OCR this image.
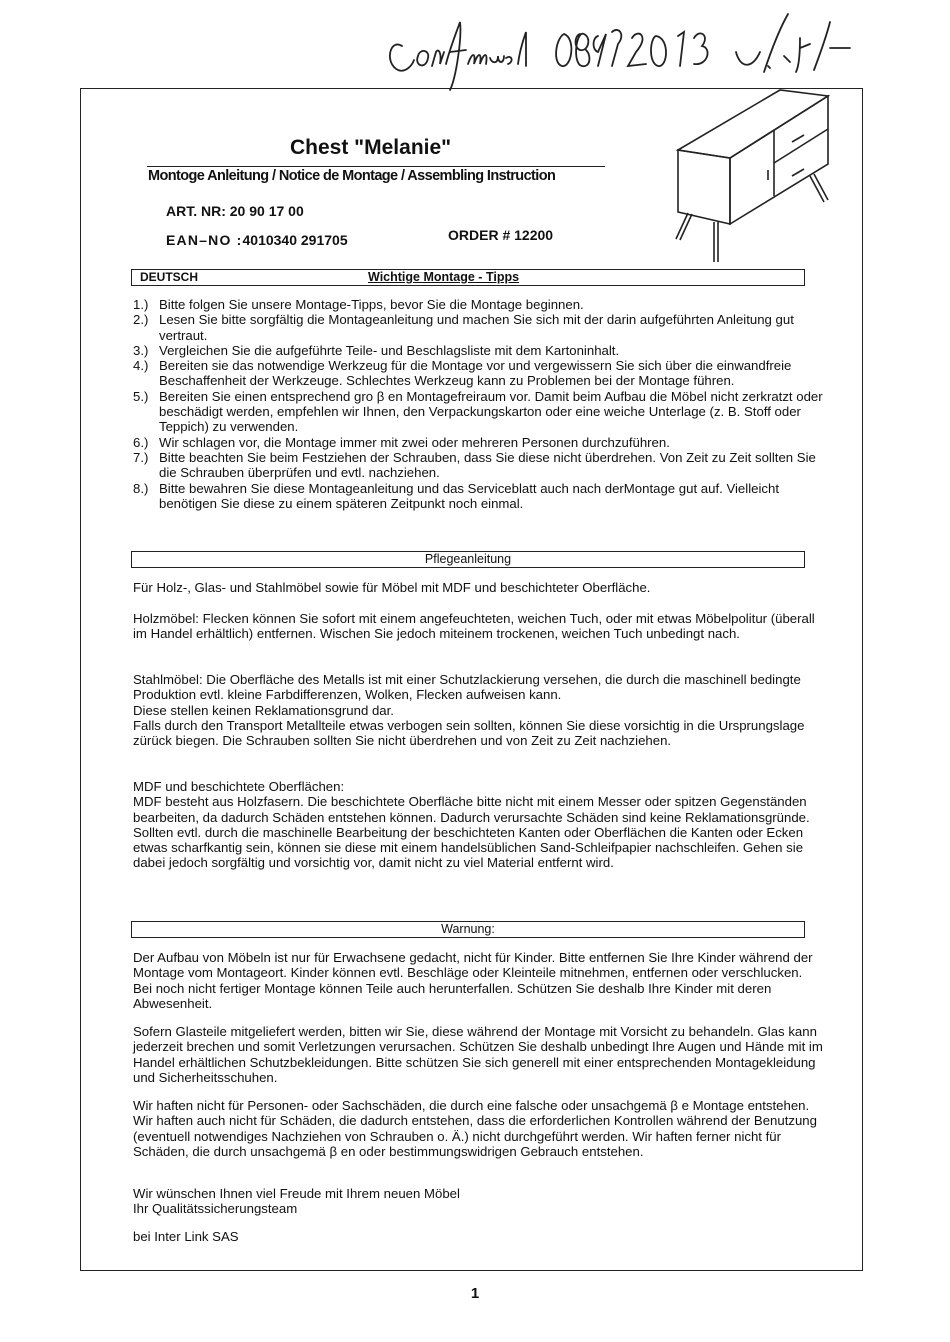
Chest "Melanie"
Montoge Anleitung / Notice de Montage / Assembling Instruction
ART. NR: 20 90 17 00
EAN–NO :4010340 291705	ORDER # 12200
DEUTSCH	Wichtige Montage - Tipps
1.) Bitte folgen Sie unsere Montage-Tipps, bevor Sie die Montage beginnen.
2.) Lesen Sie bitte sorgfältig die Montageanleitung und machen Sie sich mit der darin aufgeführten Anleitung gut vertraut.
3.) Vergleichen Sie die aufgeführte Teile- und Beschlagsliste mit dem Kartoninhalt.
4.) Bereiten sie das notwendige Werkzeug für die Montage vor und vergewissern Sie sich über die einwandfreie Beschaffenheit der Werkzeuge. Schlechtes Werkzeug kann zu Problemen bei der Montage führen.
5.) Bereiten Sie einen entsprechend gro β en Montagefreiraum vor. Damit beim Aufbau die Möbel nicht zerkratzt oder beschädigt werden, empfehlen wir Ihnen, den Verpackungskarton oder eine weiche Unterlage (z. B. Stoff oder Teppich) zu verwenden.
6.) Wir schlagen vor, die Montage immer mit zwei oder mehreren Personen durchzuführen.
7.) Bitte beachten Sie beim Festziehen der Schrauben, dass Sie diese nicht überdrehen. Von Zeit zu Zeit sollten Sie die Schrauben überprüfen und evtl. nachziehen.
8.) Bitte bewahren Sie diese Montageanleitung und das Serviceblatt auch nach derMontage gut auf. Vielleicht benötigen Sie diese zu einem späteren Zeitpunkt noch einmal.
Pflegeanleitung

Für Holz-, Glas- und Stahlmöbel sowie für Möbel mit MDF und beschichteter Oberfläche.

Holzmöbel: Flecken können Sie sofort mit einem angefeuchteten, weichen Tuch, oder mit etwas Möbelpolitur (überall im Handel erhältlich) entfernen. Wischen Sie jedoch miteinem trockenen, weichen Tuch unbedingt nach.

Stahlmöbel: Die Oberfläche des Metalls ist mit einer Schutzlackierung versehen, die durch die maschinell bedingte Produktion evtl. kleine Farbdifferenzen, Wolken, Flecken aufweisen kann.
Diese stellen keinen Reklamationsgrund dar.
Falls durch den Transport Metallteile etwas verbogen sein sollten, können Sie diese vorsichtig in die Ursprungslage zürück biegen. Die Schrauben sollten Sie nicht überdrehen und von Zeit zu Zeit nachziehen.

MDF und beschichtete Oberflächen:
MDF besteht aus Holzfasern. Die beschichtete Oberfläche bitte nicht mit einem Messer oder spitzen Gegenständen bearbeiten, da dadurch Schäden entstehen können. Dadurch verursachte Schäden sind keine Reklamationsgründe.
Sollten evtl. durch die maschinelle Bearbeitung der beschichteten Kanten oder Oberflächen die Kanten oder Ecken etwas scharfkantig sein, können sie diese mit einem handelsüblichen Sand-Schleifpapier nachschleifen. Gehen sie dabei jedoch sorgfältig und vorsichtig vor, damit nicht zu viel Material entfernt wird.

Warnung:

Der Aufbau von Möbeln ist nur für Erwachsene gedacht, nicht für Kinder. Bitte entfernen Sie Ihre Kinder während der Montage vom Montageort. Kinder können evtl. Beschläge oder Kleinteile mitnehmen, entfernen oder verschlucken. Bei noch nicht fertiger Montage können Teile auch herunterfallen. Schützen Sie deshalb Ihre Kinder mit deren Abwesenheit.

Sofern Glasteile mitgeliefert werden, bitten wir Sie, diese während der Montage mit Vorsicht zu behandeln. Glas kann jederzeit brechen und somit Verletzungen verursachen. Schützen Sie deshalb unbedingt Ihre Augen und Hände mit im Handel erhältlichen Schutzbekleidungen. Bitte schützen Sie sich generell mit einer entsprechenden Montagekleidung und Sicherheitsschuhen.

Wir haften nicht für Personen- oder Sachschäden, die durch eine falsche oder unsachgemä β e Montage entstehen. Wir haften auch nicht für Schäden, die dadurch entstehen, dass die erforderlichen Kontrollen während der Benutzung (eventuell notwendiges Nachziehen von Schrauben o. Ä.) nicht durchgeführt werden. Wir haften ferner nicht für Schäden, die durch unsachgemä β en oder bestimmungswidrigen Gebrauch entstehen.

Wir wünschen Ihnen viel Freude mit Ihrem neuen Möbel
Ihr Qualitätssicherungsteam

bei Inter Link SAS

1
